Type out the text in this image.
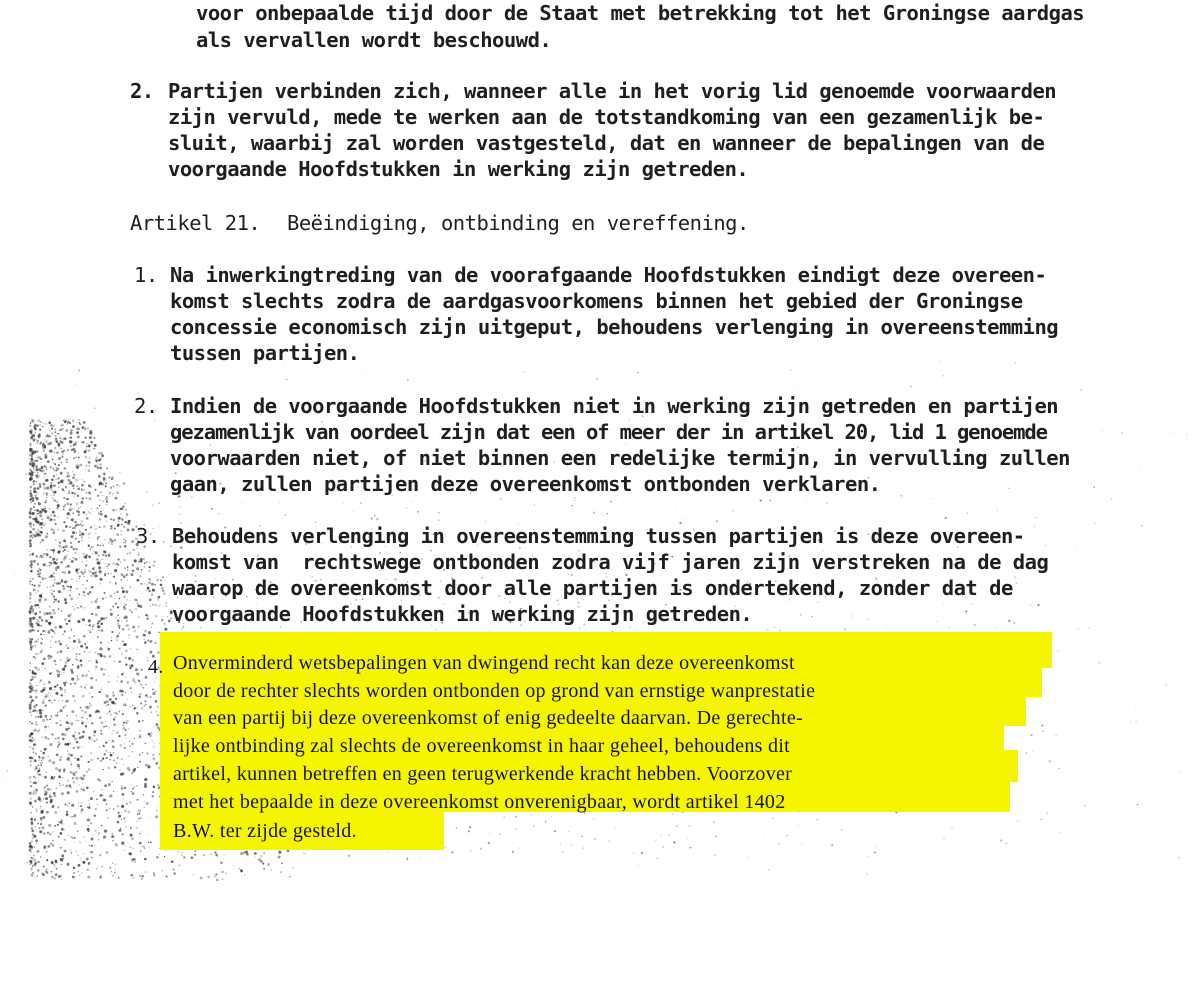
voor onbepaalde tijd door de Staat met betrekking tot het Groningse aardgas
als vervallen wordt beschouwd.
2. Partijen verbinden zich, wanneer alle in het vorig lid genoemde voorwaarden
zijn vervuld, mede te werken aan de totstandkoming van een gezamenlijk be-
sluit, waarbij zal worden vastgesteld, dat en wanneer de bepalingen van de
voorgaande Hoofdstukken in werking zijn getreden.
Artikel 21. Beëindiging, ontbinding en vereffening.
1. Na inwerkingtreding van de voorafgaande Hoofdstukken eindigt deze overeen-
komst slechts zodra de aardgasvoorkomens binnen het gebied der Groningse
concessie economisch zijn uitgeput, behoudens verlenging in overeenstemming
tussen partijen.
2. Indien de voorgaande Hoofdstukken niet in werking zijn getreden en partijen
gezamenlijk van oordeel zijn dat een of meer der in artikel 20, lid 1 genoemde
voorwaarden niet, of niet binnen een redelijke termijn, in vervulling zullen
gaan, zullen partijen deze overeenkomst ontbonden verklaren.
3. Behoudens verlenging in overeenstemming tussen partijen is deze overeen-
komst van  rechtswege ontbonden zodra vijf jaren zijn verstreken na de dag
waarop de overeenkomst door alle partijen is ondertekend, zonder dat de
voorgaande Hoofdstukken in werking zijn getreden.
4. Onverminderd wetsbepalingen van dwingend recht kan deze overeenkomst
door de rechter slechts worden ontbonden op grond van ernstige wanprestatie
van een partij bij deze overeenkomst of enig gedeelte daarvan. De gerechte-
lijke ontbinding zal slechts de overeenkomst in haar geheel, behoudens dit
artikel, kunnen betreffen en geen terugwerkende kracht hebben. Voorzover
met het bepaalde in deze overeenkomst onverenigbaar, wordt artikel 1402
B.W. ter zijde gesteld.
